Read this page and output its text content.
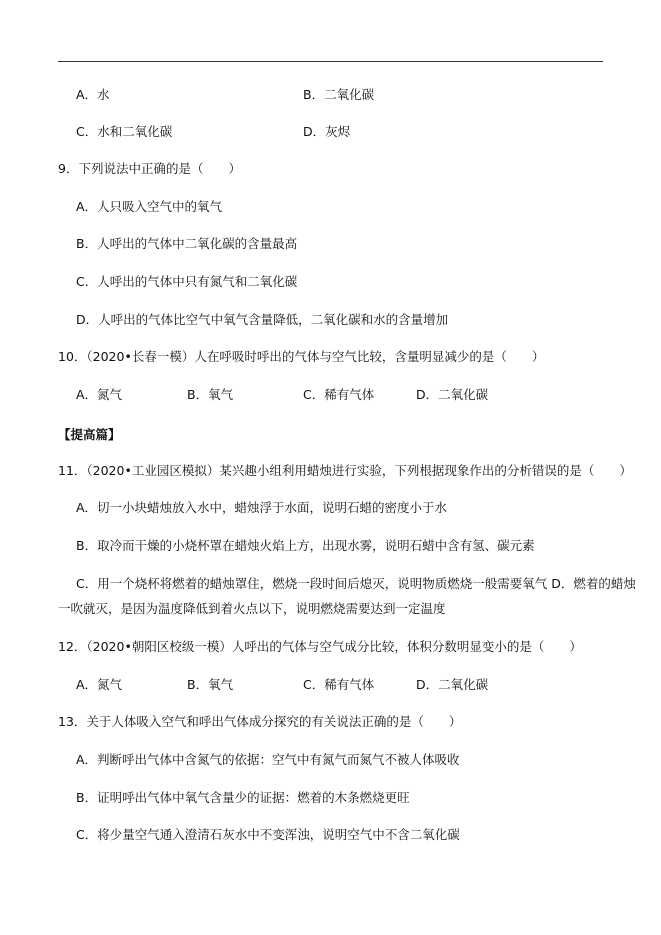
A．水	B．二氧化碳
C．水和二氧化碳	D．灰烬
9．下列说法中正确的是（　　）
A．人只吸入空气中的氧气
B．人呼出的气体中二氧化碳的含量最高
C．人呼出的气体中只有氮气和二氧化碳
D．人呼出的气体比空气中氧气含量降低，二氧化碳和水的含量增加
10．（2020•长春一模）人在呼吸时呼出的气体与空气比较，含量明显减少的是（　　）
A．氮气	B．氧气	C．稀有气体	D．二氧化碳
【提高篇】
11．（2020•工业园区模拟）某兴趣小组利用蜡烛进行实验，下列根据现象作出的分析错误的是（　　）
A．切一小块蜡烛放入水中，蜡烛浮于水面，说明石蜡的密度小于水
B．取冷而干燥的小烧杯罩在蜡烛火焰上方，出现水雾，说明石蜡中含有氢、碳元素
C．用一个烧杯将燃着的蜡烛罩住，燃烧一段时间后熄灭，说明物质燃烧一般需要氧气 D．燃着的蜡烛
一吹就灭，是因为温度降低到着火点以下，说明燃烧需要达到一定温度
12．（2020•朝阳区校级一模）人呼出的气体与空气成分比较，体积分数明显变小的是（　　）
A．氮气	B．氧气	C．稀有气体	D．二氧化碳
13．关于人体吸入空气和呼出气体成分探究的有关说法正确的是（　　）
A．判断呼出气体中含氮气的依据：空气中有氮气而氮气不被人体吸收
B．证明呼出气体中氧气含量少的证据：燃着的木条燃烧更旺
C．将少量空气通入澄清石灰水中不变浑浊，说明空气中不含二氧化碳
